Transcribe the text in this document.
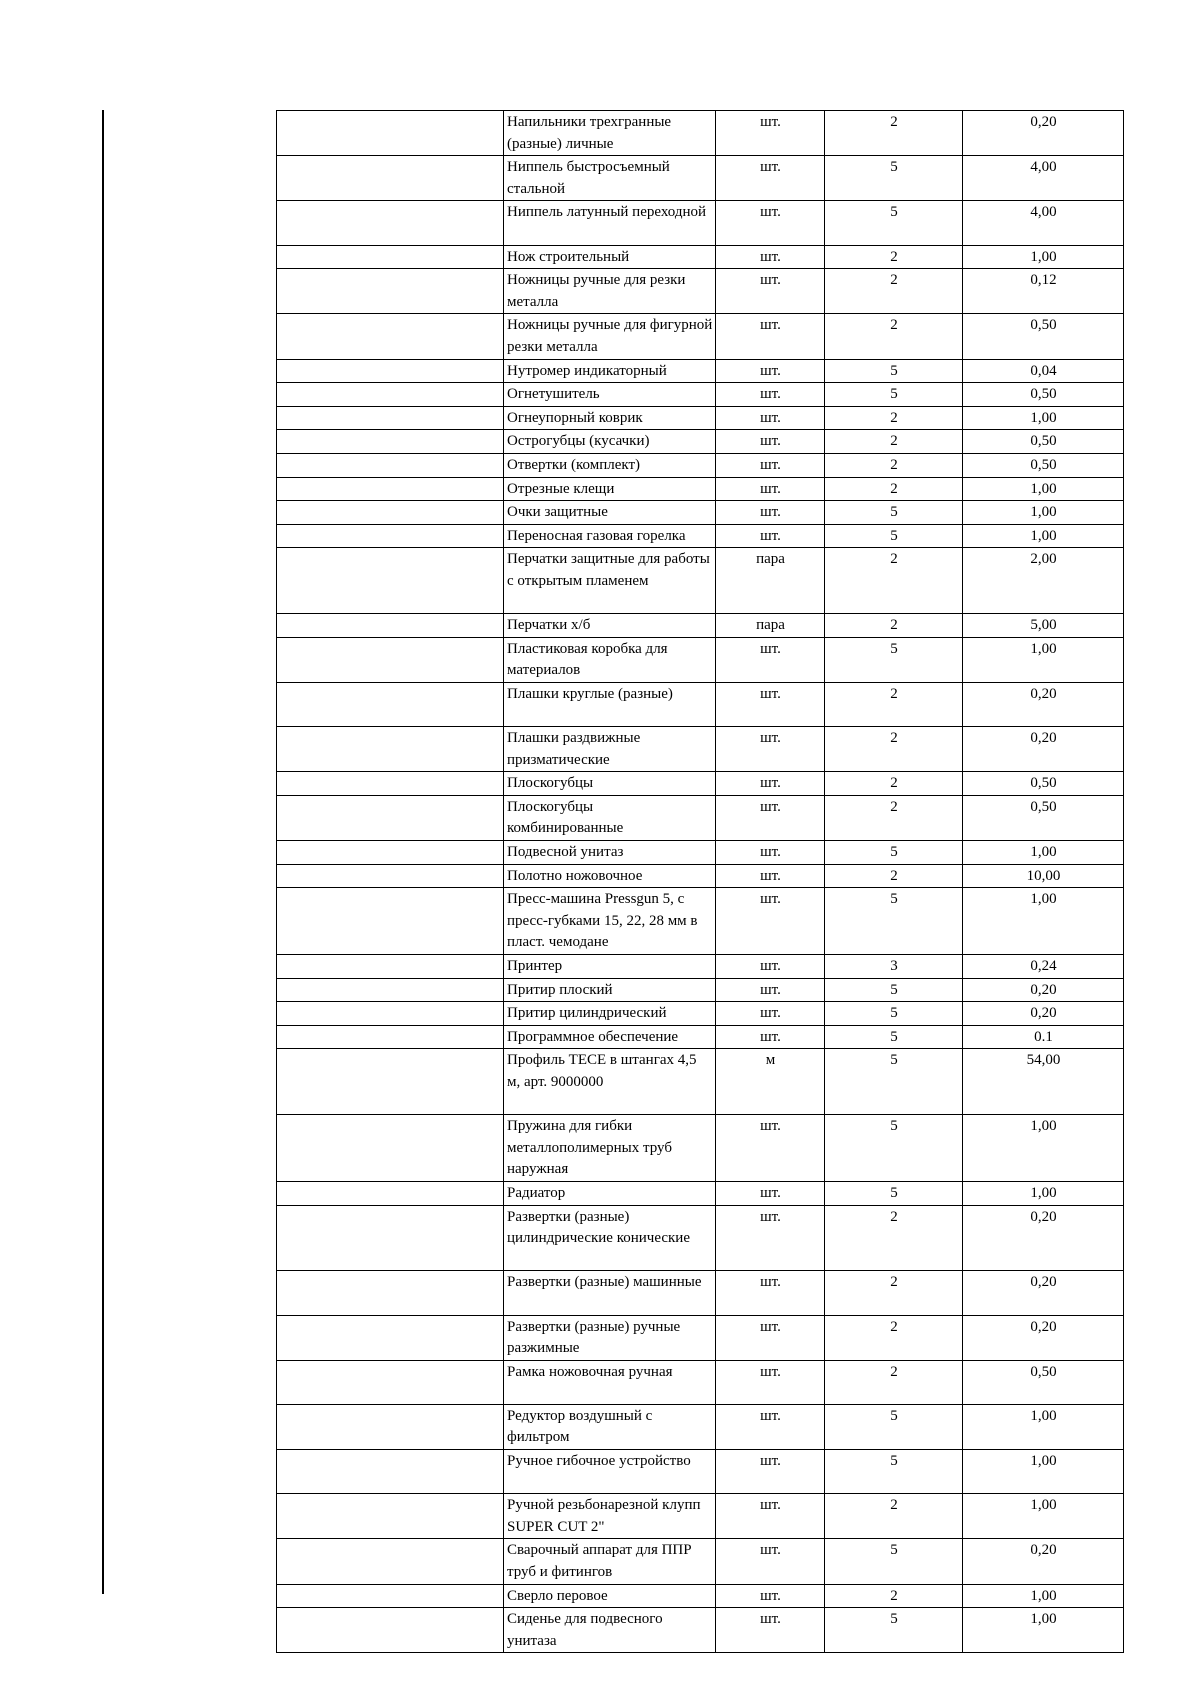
	Напильники трехгранные (разные) личные	шт.	2	0,20
	Ниппель быстросъемный стальной	шт.	5	4,00
	Ниппель латунный переходной	шт.	5	4,00
	Нож строительный	шт.	2	1,00
	Ножницы ручные для резки металла	шт.	2	0,12
	Ножницы ручные для фигурной резки металла	шт.	2	0,50
	Нутромер индикаторный	шт.	5	0,04
	Огнетушитель	шт.	5	0,50
	Огнеупорный коврик	шт.	2	1,00
	Острогубцы (кусачки)	шт.	2	0,50
	Отвертки (комплект)	шт.	2	0,50
	Отрезные клещи	шт.	2	1,00
	Очки защитные	шт.	5	1,00
	Переносная газовая горелка	шт.	5	1,00
	Перчатки защитные для работы с открытым пламенем	пара	2	2,00
	Перчатки х/б	пара	2	5,00
	Пластиковая коробка для материалов	шт.	5	1,00
	Плашки круглые (разные)	шт.	2	0,20
	Плашки раздвижные призматические	шт.	2	0,20
	Плоскогубцы	шт.	2	0,50
	Плоскогубцы комбинированные	шт.	2	0,50
	Подвесной унитаз	шт.	5	1,00
	Полотно ножовочное	шт.	2	10,00
	Пресс-машина Pressgun 5, с пресс-губками 15, 22, 28 мм в пласт. чемодане	шт.	5	1,00
	Принтер	шт.	3	0,24
	Притир плоский	шт.	5	0,20
	Притир цилиндрический	шт.	5	0,20
	Программное обеспечение	шт.	5	0.1
	Профиль TECE в штангах 4,5 м, арт. 9000000	м	5	54,00
	Пружина для гибки металлополимерных труб наружная	шт.	5	1,00
	Радиатор	шт.	5	1,00
	Развертки (разные) цилиндрические конические	шт.	2	0,20
	Развертки (разные) машинные	шт.	2	0,20
	Развертки (разные) ручные разжимные	шт.	2	0,20
	Рамка ножовочная ручная	шт.	2	0,50
	Редуктор воздушный с фильтром	шт.	5	1,00
	Ручное гибочное устройство	шт.	5	1,00
	Ручной резьбонарезной клупп SUPER CUT 2"	шт.	2	1,00
	Сварочный аппарат для ППР труб и фитингов	шт.	5	0,20
	Сверло перовое	шт.	2	1,00
	Сиденье для подвесного унитаза	шт.	5	1,00
